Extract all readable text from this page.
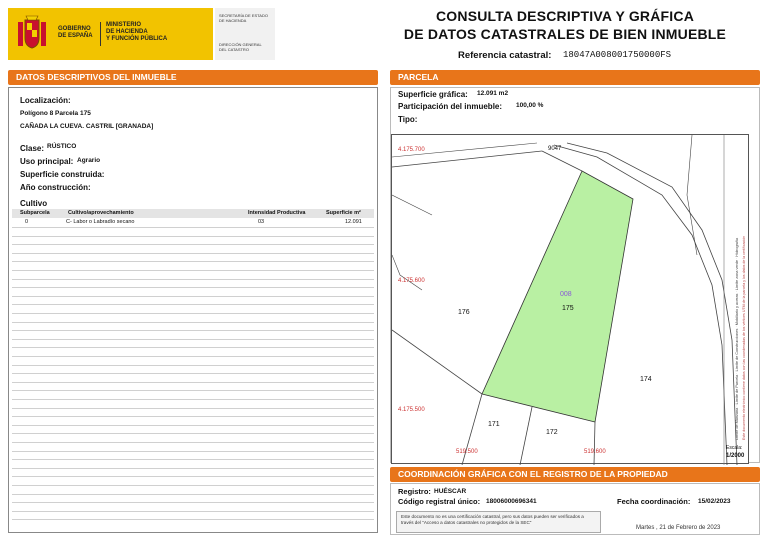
GOBIERNO
DE ESPAÑA
MINISTERIO
DE HACIENDA
Y FUNCIÓN PÚBLICA
SECRETARÍA DE ESTADO
DE HACIENDA
DIRECCIÓN GENERAL
DEL CATASTRO
CONSULTA DESCRIPTIVA Y GRÁFICA
DE DATOS CATASTRALES DE BIEN INMUEBLE
Referencia catastral: 18047A008001750000FS
DATOS DESCRIPTIVOS DEL INMUEBLE
Localización:
Polígono 8 Parcela 175
CAÑADA LA CUEVA. CASTRIL [GRANADA]
Clase: RÚSTICO
Uso principal: Agrario
Superficie construida:
Año construcción:
Cultivo
Subparcela	Cultivo/aprovechamiento	Intensidad Productiva	Superficie m²
0	C- Labor o Labradío secano	03	12.091
PARCELA
Superficie gráfica: 12.091 m2
Participación del inmueble: 100,00 %
Tipo:
4.175.700
4.175.600
4.175.500
519.500	519.600
9047
008
175
176
174
171
172	Límite de Manzana · Límite de Parcela · Límite de Construcciones · Mobiliario y aceras · Límite zona verde · Hidrografía Este documento electrónico contiene datos con las coordenadas de los vértices UTM de la parcela y los datos de la certificación
Escala:
1/2000
COORDINACIÓN GRÁFICA CON EL REGISTRO DE LA PROPIEDAD
Registro: HUÉSCAR
Código registral único: 18006000696341	Fecha coordinación: 15/02/2023
Este documento no es una certificación catastral, pero sus datos pueden ser verificados a través del "Acceso a datos catastrales no protegidos de la SEC"
Martes , 21 de Febrero de 2023
